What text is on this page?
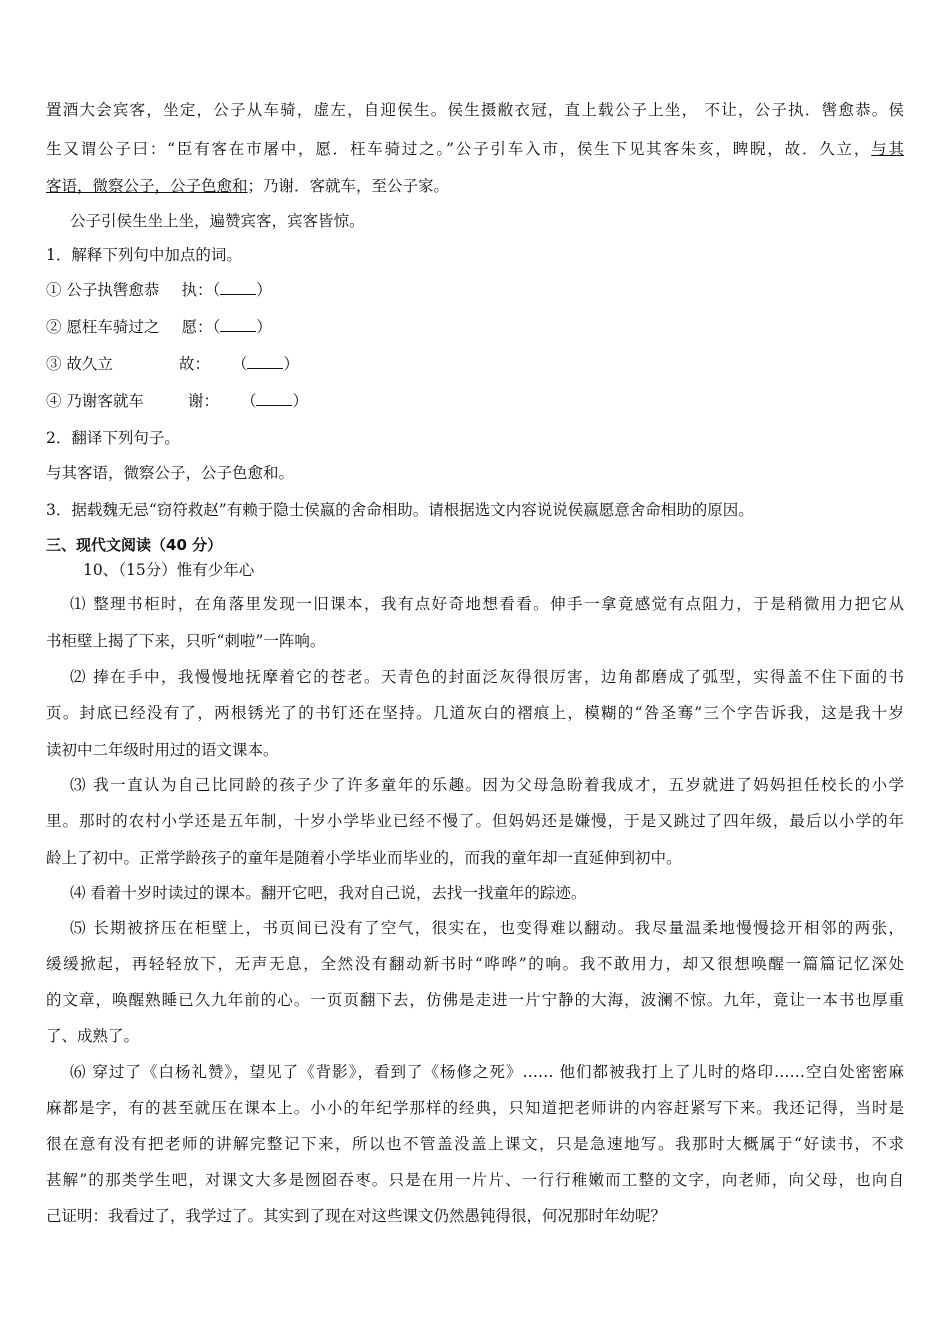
置酒大会宾客，坐定，公子从车骑，虚左，自迎侯生。侯生摄敝衣冠，直上载公子上坐， 不让，公子执．辔愈恭。侯
生又谓公子曰：“臣有客在市屠中，愿．枉车骑过之。”公子引车入市，侯生下见其客朱亥，睥睨，故．久立，与其
客语，微察公子，公子色愈和；乃谢．客就车，至公子家。
公子引侯生坐上坐，遍赞宾客，宾客皆惊。
1．解释下列句中加点的词。
① 公子执辔愈恭 执：（ ）
② 愿枉车骑过之 愿：（ ）
③ 故久立	故： （ ）
④ 乃谢客就车	谢： （ ）
2．翻译下列句子。
与其客语，微察公子，公子色愈和。
3．据载魏无忌“窃符救赵”有赖于隐士侯嬴的舍命相助。请根据选文内容说说侯嬴愿意舍命相助的原因。
三、现代文阅读（40 分）
10、（15分）惟有少年心
⑴ 整理书柜时，在角落里发现一旧课本，我有点好奇地想看看。伸手一拿竟感觉有点阻力，于是稍微用力把它从
书柜壁上揭了下来，只听“刺啦”一阵响。
⑵ 捧在手中，我慢慢地抚摩着它的苍老。天青色的封面泛灰得很厉害，边角都磨成了弧型，实得盖不住下面的书
页。封底已经没有了，两根锈光了的书钉还在坚持。几道灰白的褶痕上，模糊的“咎圣骞”三个字告诉我，这是我十岁
读初中二年级时用过的语文课本。
⑶ 我一直认为自己比同龄的孩子少了许多童年的乐趣。因为父母急盼着我成才，五岁就进了妈妈担任校长的小学
里。那时的农村小学还是五年制，十岁小学毕业已经不慢了。但妈妈还是嫌慢，于是又跳过了四年级，最后以小学的年
龄上了初中。正常学龄孩子的童年是随着小学毕业而毕业的，而我的童年却一直延伸到初中。
⑷ 看着十岁时读过的课本。翻开它吧，我对自己说，去找一找童年的踪迹。
⑸ 长期被挤压在柜壁上，书页间已没有了空气，很实在，也变得难以翻动。我尽量温柔地慢慢捻开相邻的两张，
缓缓掀起，再轻轻放下，无声无息，全然没有翻动新书时“哗哗”的响。我不敢用力，却又很想唤醒一篇篇记忆深处
的文章，唤醒熟睡已久九年前的心。一页页翻下去，仿佛是走进一片宁静的大海，波澜不惊。九年，竟让一本书也厚重
了、成熟了。
⑹ 穿过了《白杨礼赞》，望见了《背影》，看到了《杨修之死》…… 他们都被我打上了儿时的烙印……空白处密密麻
麻都是字，有的甚至就压在课本上。小小的年纪学那样的经典，只知道把老师讲的内容赶紧写下来。我还记得，当时是
很在意有没有把老师的讲解完整记下来，所以也不管盖没盖上课文，只是急速地写。我那时大概属于“好读书，不求
甚解”的那类学生吧，对课文大多是囫囵吞枣。只是在用一片片、一行行稚嫩而工整的文字，向老师，向父母，也向自
己证明：我看过了，我学过了。其实到了现在对这些课文仍然愚钝得很，何况那时年幼呢？
